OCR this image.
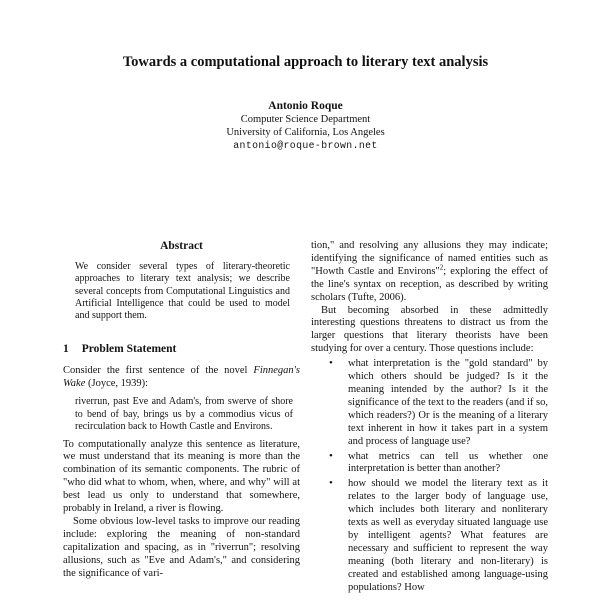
Towards a computational approach to literary text analysis
Antonio Roque
Computer Science Department
University of California, Los Angeles
antonio@roque-brown.net
Abstract

We consider several types of literary-theoretic approaches to literary text analysis; we describe several concepts from Computational Linguistics and Artificial Intelligence that could be used to model and support them.

1 Problem Statement

Consider the first sentence of the novel Finnegan's Wake (Joyce, 1939):

riverrun, past Eve and Adam's, from swerve of shore to bend of bay, brings us by a commodius vicus of recirculation back to Howth Castle and Environs.

To computationally analyze this sentence as literature, we must understand that its meaning is more than the combination of its semantic components. The rubric of "who did what to whom, when, where, and why" will at best lead us only to understand that somewhere, probably in Ireland, a river is flowing.

Some obvious low-level tasks to improve our reading include: exploring the meaning of non-standard capitalization and spacing, as in "riverrun"; resolving allusions, such as "Eve and Adam's," and considering the significance of vari-

tion," and resolving any allusions they may indicate; identifying the significance of named entities such as "Howth Castle and Environs"$^2$; exploring the effect of the line's syntax on reception, as described by writing scholars (Tufte, 2006).

But becoming absorbed in these admittedly interesting questions threatens to distract us from the larger questions that literary theorists have been studying for over a century. Those questions include:

• what interpretation is the "gold standard" by which others should be judged? Is it the meaning intended by the author? Is it the significance of the text to the readers (and if so, which readers?) Or is the meaning of a literary text inherent in how it takes part in a system and process of language use?
• what metrics can tell us whether one interpretation is better than another?
• how should we model the literary text as it relates to the larger body of language use, which includes both literary and nonliterary texts as well as everyday situated language use by intelligent agents? What features are necessary and sufficient to represent the way meaning (both literary and non-literary) is created and established among language-using populations? How
